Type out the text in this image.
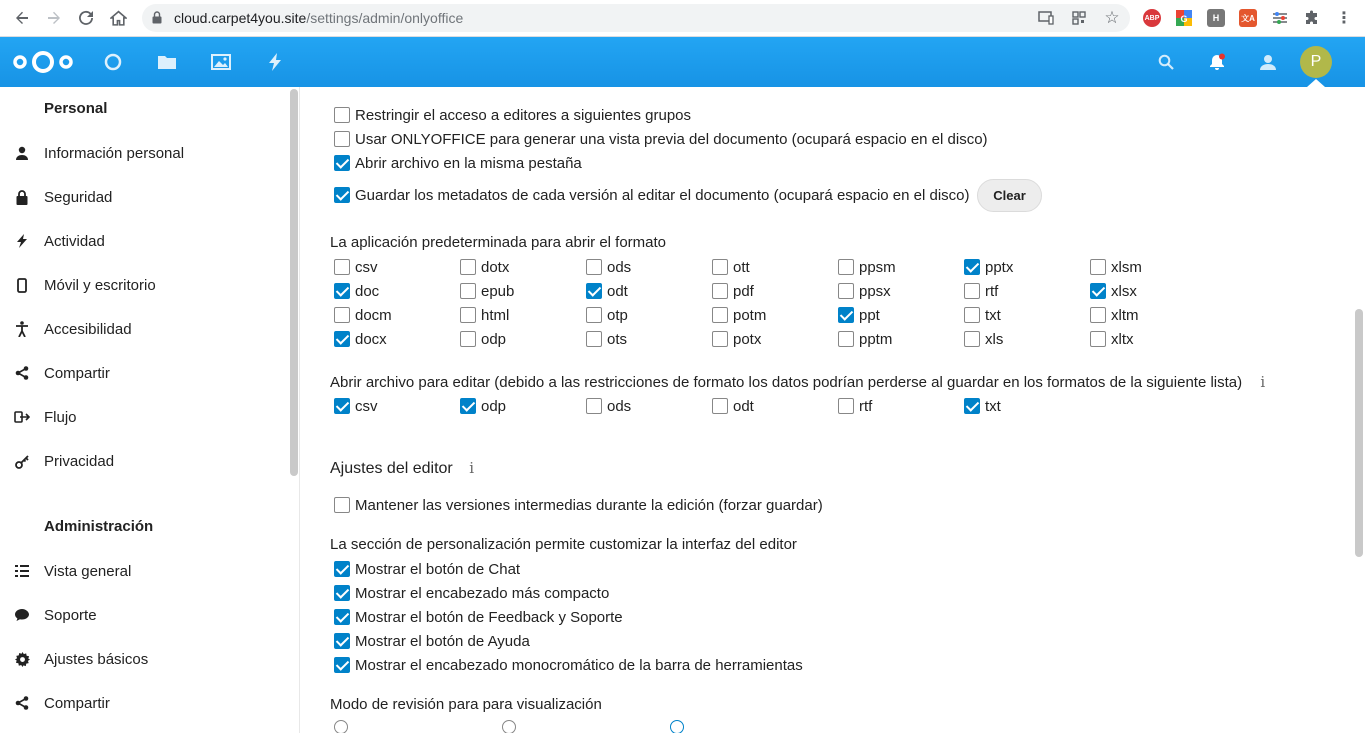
cloud.carpet4you.site/settings/admin/onlyoffice	☆	ABP G	H	文A	⋮
P
Personal
Información personal
Seguridad
Actividad
Móvil y escritorio
Accesibilidad
Compartir
Flujo
Privacidad
Administración
Vista general
Soporte
Ajustes básicos
Compartir
Restringir el acceso a editores a siguientes grupos
Usar ONLYOFFICE para generar una vista previa del documento (ocupará espacio en el disco)
Abrir archivo en la misma pestaña
Guardar los metadatos de cada versión al editar el documento (ocupará espacio en el disco)	Clear
La aplicación predeterminada para abrir el formato
csv	dotx	ods	ott	ppsm	pptx	xlsm
doc	epub	odt	pdf	ppsx	rtf	xlsx
docm	html	otp	potm	ppt	txt	xltm
docx	odp	ots	potx	pptm	xls	xltx
Abrir archivo para editar (debido a las restricciones de formato los datos podrían perderse al guardar en los formatos de la siguiente lista) i
csv	odp	ods	odt	rtf	txt
Ajustes del editor i
Mantener las versiones intermedias durante la edición (forzar guardar)
La sección de personalización permite customizar la interfaz del editor
Mostrar el botón de Chat
Mostrar el encabezado más compacto
Mostrar el botón de Feedback y Soporte
Mostrar el botón de Ayuda
Mostrar el encabezado monocromático de la barra de herramientas
Modo de revisión para para visualización
